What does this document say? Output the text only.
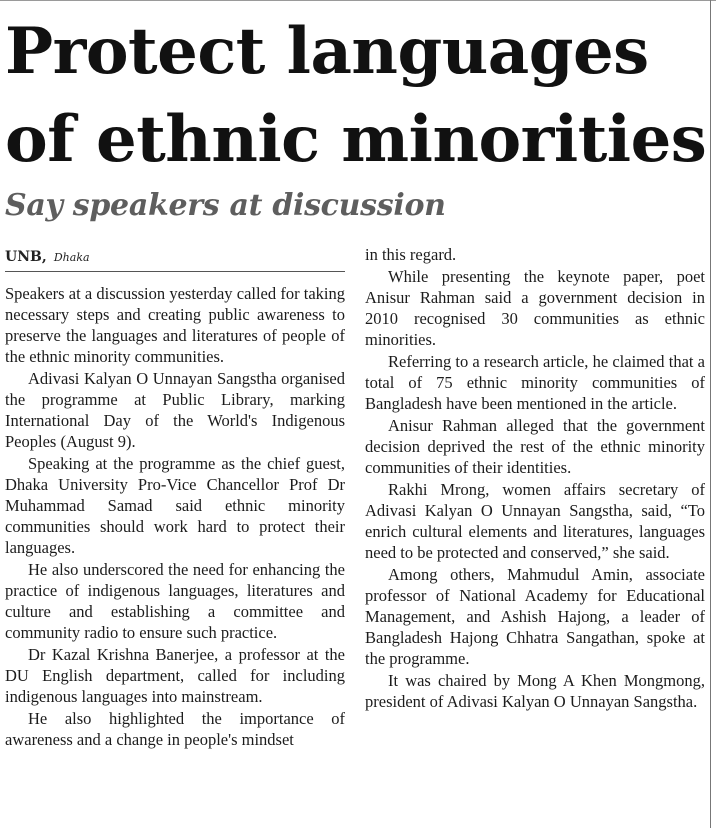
Protect languages of ethnic minorities
Say speakers at discussion
UNB, Dhaka

Speakers at a discussion yesterday called for taking necessary steps and creating public awareness to preserve the languages and literatures of people of the ethnic minority communities.

Adivasi Kalyan O Unnayan Sangstha organised the programme at Public Library, marking International Day of the World's Indigenous Peoples (August 9).

Speaking at the programme as the chief guest, Dhaka University Pro-Vice Chancellor Prof Dr Muhammad Samad said ethnic minority communities should work hard to protect their languages.

He also underscored the need for enhancing the practice of indigenous languages, literatures and culture and establishing a committee and community radio to ensure such practice.

Dr Kazal Krishna Banerjee, a professor at the DU English department, called for including indigenous languages into mainstream.

He also highlighted the importance of awareness and a change in people's mindset

in this regard.

While presenting the keynote paper, poet Anisur Rahman said a government decision in 2010 recognised 30 communities as ethnic minorities.

Referring to a research article, he claimed that a total of 75 ethnic minority communities of Bangladesh have been mentioned in the article.

Anisur Rahman alleged that the government decision deprived the rest of the ethnic minority communities of their identities.

Rakhi Mrong, women affairs secretary of Adivasi Kalyan O Unnayan Sangstha, said, “To enrich cultural elements and literatures, languages need to be protected and conserved,” she said.

Among others, Mahmudul Amin, associate professor of National Academy for Educational Management, and Ashish Hajong, a leader of Bangladesh Hajong Chhatra Sangathan, spoke at the programme.

It was chaired by Mong A Khen Mongmong, president of Adivasi Kalyan O Unnayan Sangstha.
